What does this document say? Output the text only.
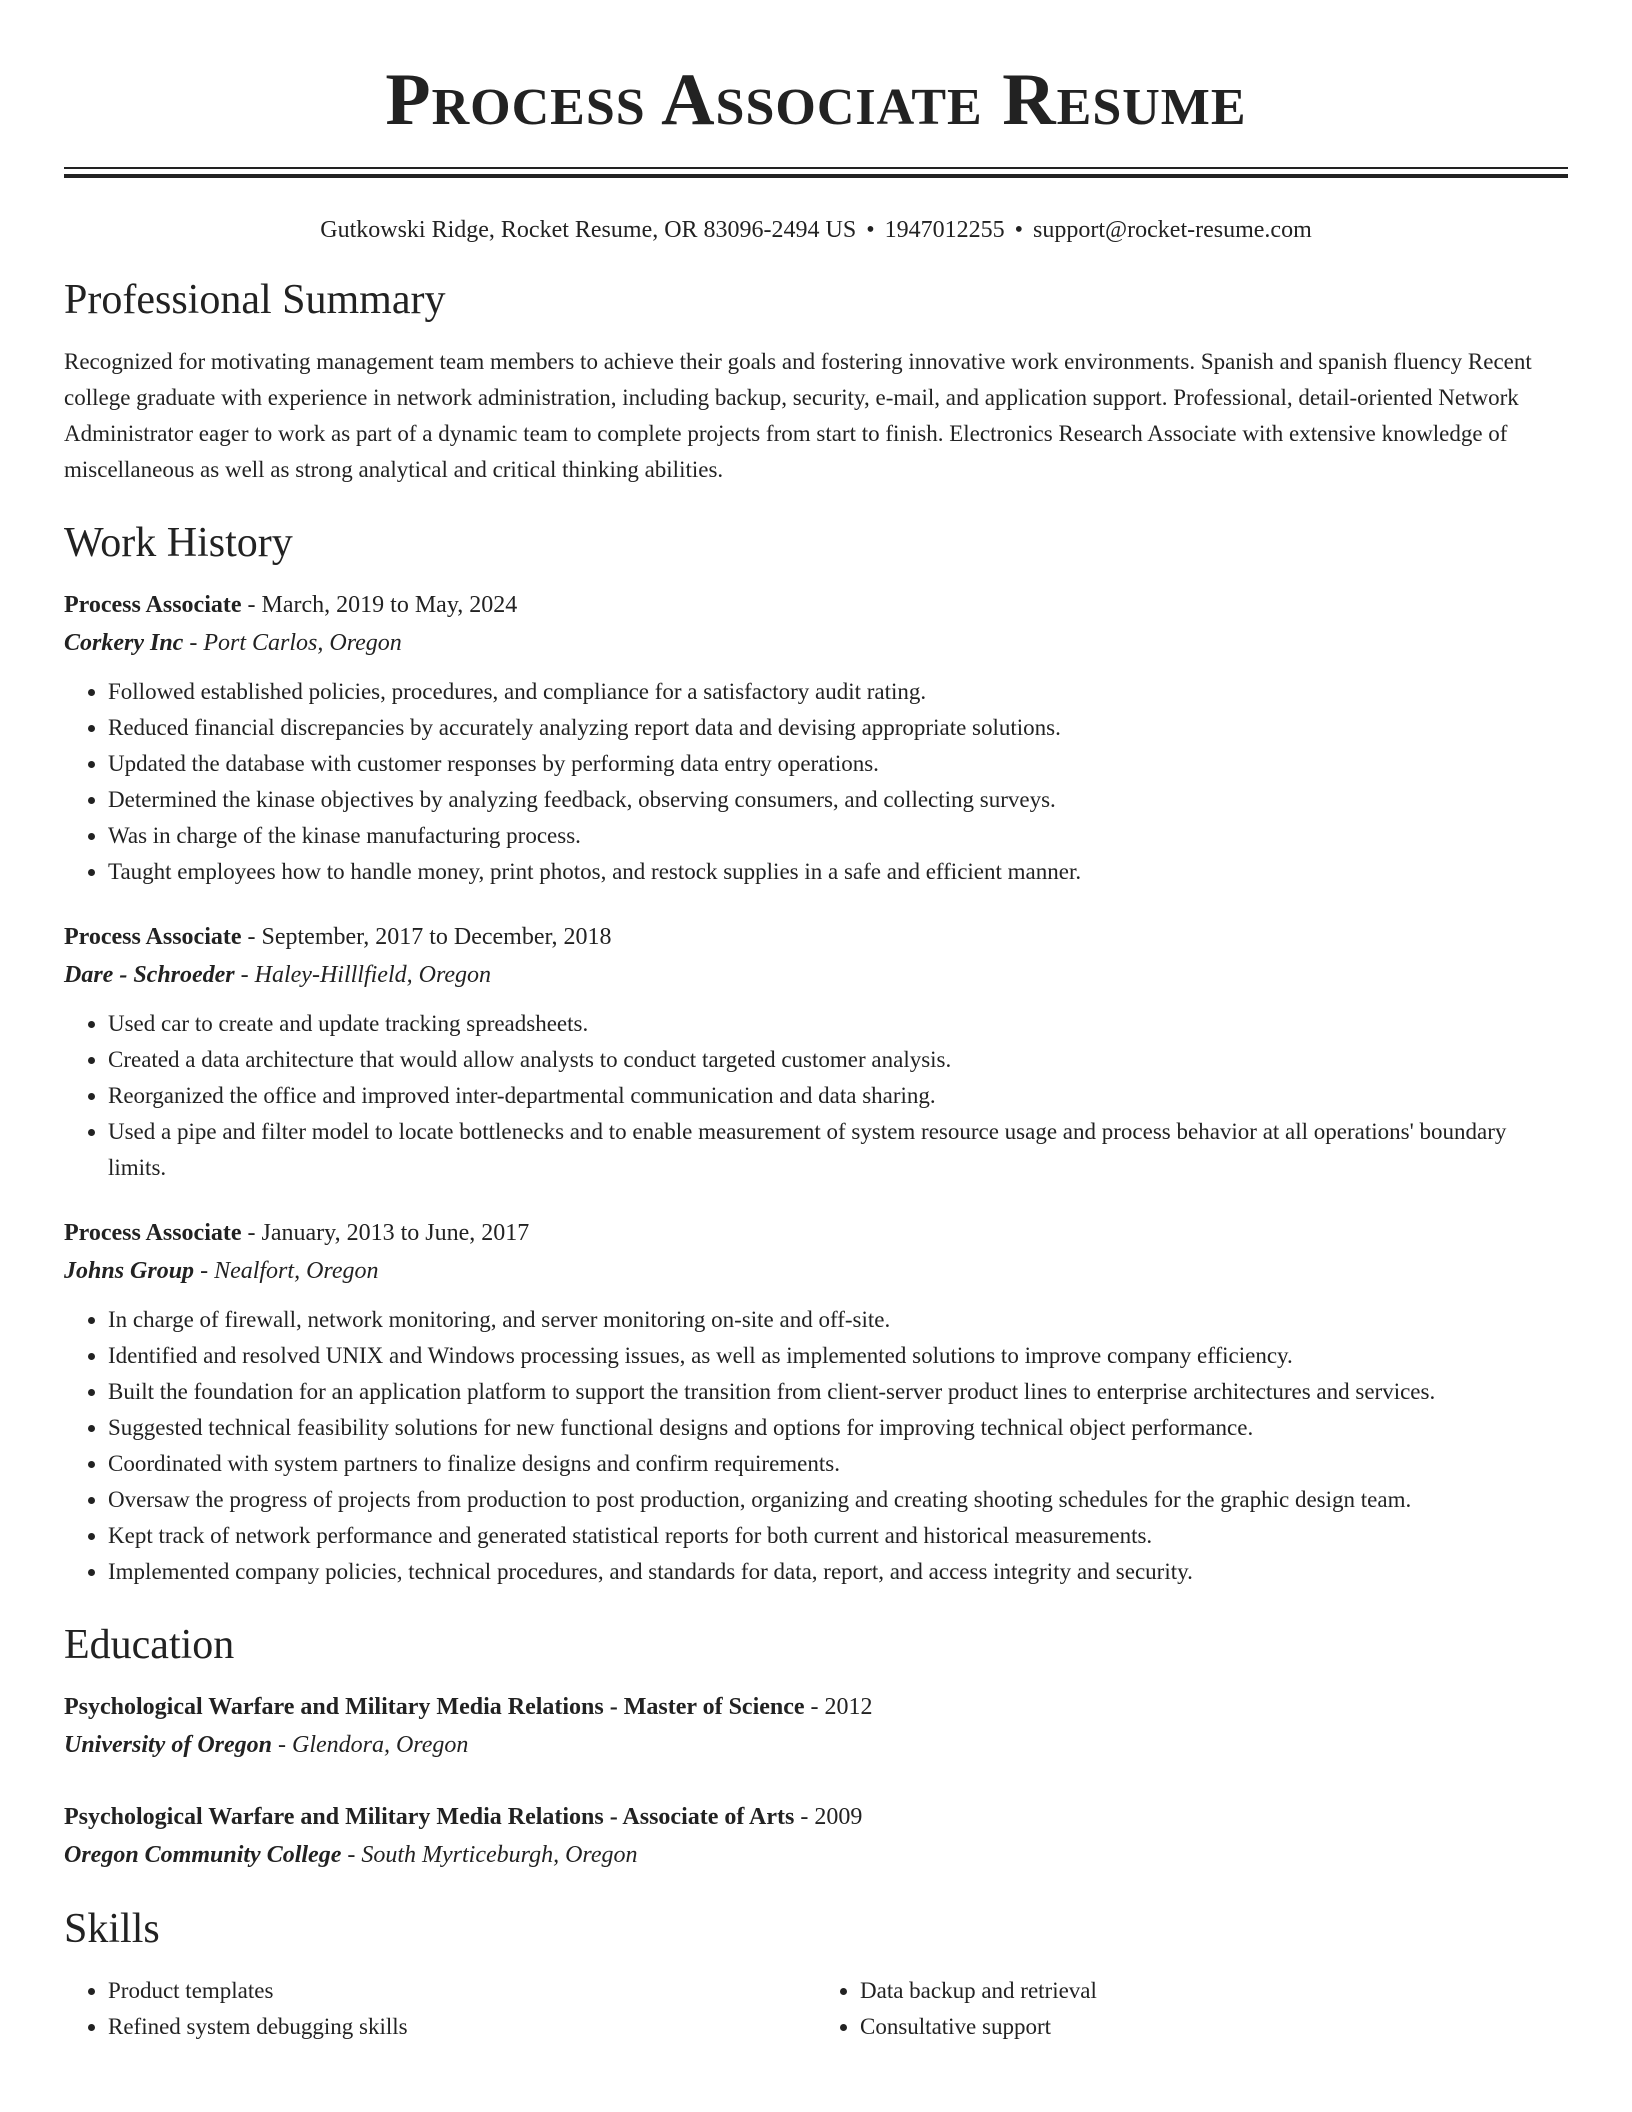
Process Associate Resume
Gutkowski Ridge, Rocket Resume, OR 83096-2494 US • 1947012255 • support@rocket-resume.com
Professional Summary

Recognized for motivating management team members to achieve their goals and fostering innovative work environments. Spanish and spanish fluency Recent college graduate with experience in network administration, including backup, security, e-mail, and application support. Professional, detail-oriented Network Administrator eager to work as part of a dynamic team to complete projects from start to finish. Electronics Research Associate with extensive knowledge of miscellaneous as well as strong analytical and critical thinking abilities.

Work History
Process Associate - March, 2019 to May, 2024
Corkery Inc - Port Carlos, Oregon
• Followed established policies, procedures, and compliance for a satisfactory audit rating.
• Reduced financial discrepancies by accurately analyzing report data and devising appropriate solutions.
• Updated the database with customer responses by performing data entry operations.
• Determined the kinase objectives by analyzing feedback, observing consumers, and collecting surveys.
• Was in charge of the kinase manufacturing process.
• Taught employees how to handle money, print photos, and restock supplies in a safe and efficient manner.
Process Associate - September, 2017 to December, 2018
Dare - Schroeder - Haley-Hilllfield, Oregon
• Used car to create and update tracking spreadsheets.
• Created a data architecture that would allow analysts to conduct targeted customer analysis.
• Reorganized the office and improved inter-departmental communication and data sharing.
• Used a pipe and filter model to locate bottlenecks and to enable measurement of system resource usage and process behavior at all operations' boundary limits.
Process Associate - January, 2013 to June, 2017
Johns Group - Nealfort, Oregon
• In charge of firewall, network monitoring, and server monitoring on-site and off-site.
• Identified and resolved UNIX and Windows processing issues, as well as implemented solutions to improve company efficiency.
• Built the foundation for an application platform to support the transition from client-server product lines to enterprise architectures and services.
• Suggested technical feasibility solutions for new functional designs and options for improving technical object performance.
• Coordinated with system partners to finalize designs and confirm requirements.
• Oversaw the progress of projects from production to post production, organizing and creating shooting schedules for the graphic design team.
• Kept track of network performance and generated statistical reports for both current and historical measurements.
• Implemented company policies, technical procedures, and standards for data, report, and access integrity and security.
Education
Psychological Warfare and Military Media Relations - Master of Science - 2012
University of Oregon - Glendora, Oregon
Psychological Warfare and Military Media Relations - Associate of Arts - 2009
Oregon Community College - South Myrticeburgh, Oregon
Skills
• Product templates
• Refined system debugging skills
• Data backup and retrieval
• Consultative support
